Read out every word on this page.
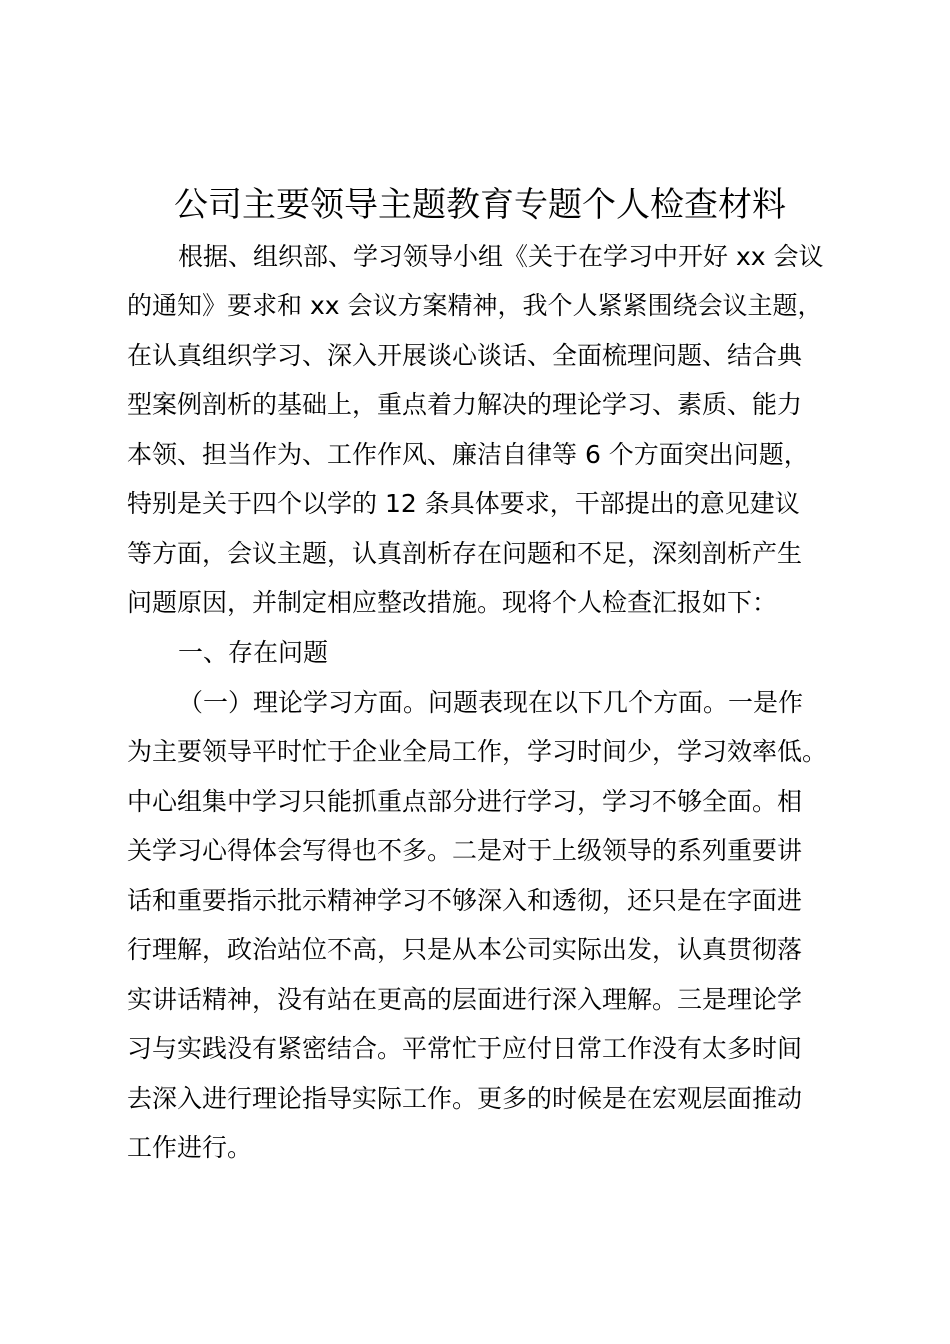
公司主要领导主题教育专题个人检查材料
根据、组织部、学习领导小组《关于在学习中开好 xx 会议
的通知》要求和 xx 会议方案精神，我个人紧紧围绕会议主题，
在认真组织学习、深入开展谈心谈话、全面梳理问题、结合典
型案例剖析的基础上，重点着力解决的理论学习、素质、能力
本领、担当作为、工作作风、廉洁自律等 6 个方面突出问题，
特别是关于四个以学的 12 条具体要求，干部提出的意见建议
等方面，会议主题，认真剖析存在问题和不足，深刻剖析产生
问题原因，并制定相应整改措施。现将个人检查汇报如下：
一、存在问题
（一）理论学习方面。问题表现在以下几个方面。一是作
为主要领导平时忙于企业全局工作，学习时间少，学习效率低。
中心组集中学习只能抓重点部分进行学习，学习不够全面。相
关学习心得体会写得也不多。二是对于上级领导的系列重要讲
话和重要指示批示精神学习不够深入和透彻，还只是在字面进
行理解，政治站位不高，只是从本公司实际出发，认真贯彻落
实讲话精神，没有站在更高的层面进行深入理解。三是理论学
习与实践没有紧密结合。平常忙于应付日常工作没有太多时间
去深入进行理论指导实际工作。更多的时候是在宏观层面推动
工作进行。
